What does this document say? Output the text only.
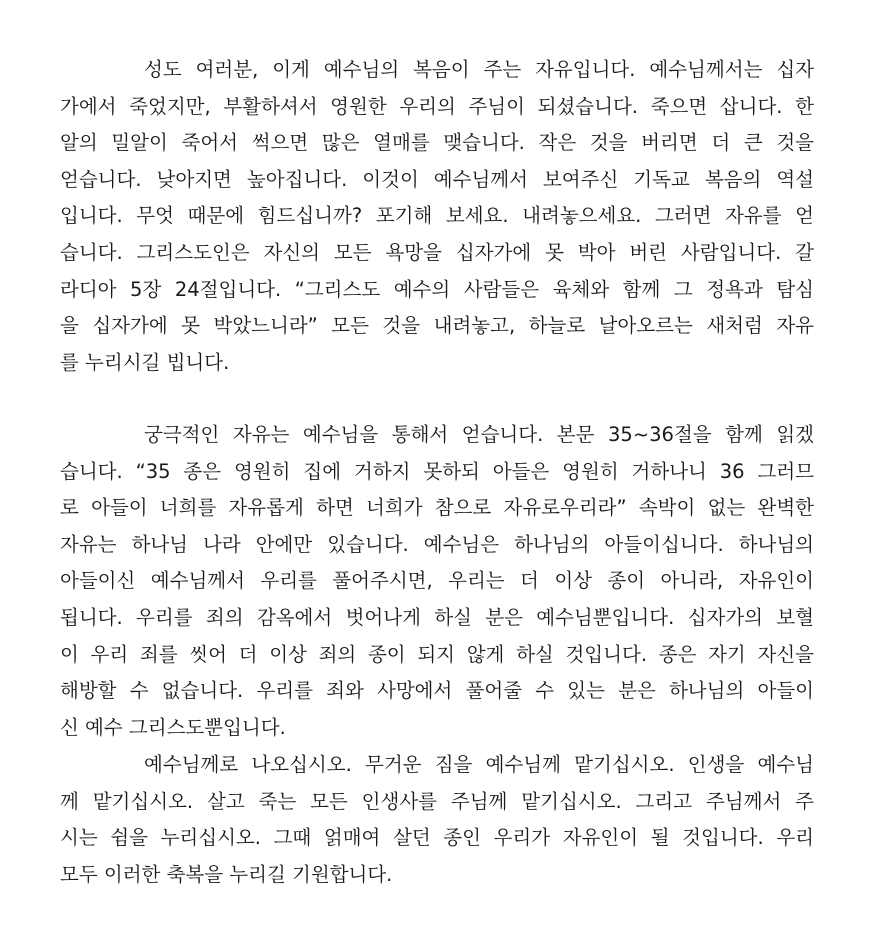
성도 여러분, 이게 예수님의 복음이 주는 자유입니다. 예수님께서는 십자
가에서 죽었지만, 부활하셔서 영원한 우리의 주님이 되셨습니다. 죽으면 삽니다. 한
알의 밀알이 죽어서 썩으면 많은 열매를 맺습니다. 작은 것을 버리면 더 큰 것을
얻습니다. 낮아지면 높아집니다. 이것이 예수님께서 보여주신 기독교 복음의 역설
입니다. 무엇 때문에 힘드십니까? 포기해 보세요. 내려놓으세요. 그러면 자유를 얻
습니다. 그리스도인은 자신의 모든 욕망을 십자가에 못 박아 버린 사람입니다. 갈
라디아 5장 24절입니다. “그리스도 예수의 사람들은 육체와 함께 그 정욕과 탐심
을 십자가에 못 박았느니라” 모든 것을 내려놓고, 하늘로 날아오르는 새처럼 자유
를 누리시길 빕니다.
궁극적인 자유는 예수님을 통해서 얻습니다. 본문 35~36절을 함께 읽겠
습니다. “35 종은 영원히 집에 거하지 못하되 아들은 영원히 거하나니 36 그러므
로 아들이 너희를 자유롭게 하면 너희가 참으로 자유로우리라” 속박이 없는 완벽한
자유는 하나님 나라 안에만 있습니다. 예수님은 하나님의 아들이십니다. 하나님의
아들이신 예수님께서 우리를 풀어주시면, 우리는 더 이상 종이 아니라, 자유인이
됩니다. 우리를 죄의 감옥에서 벗어나게 하실 분은 예수님뿐입니다. 십자가의 보혈
이 우리 죄를 씻어 더 이상 죄의 종이 되지 않게 하실 것입니다. 종은 자기 자신을
해방할 수 없습니다. 우리를 죄와 사망에서 풀어줄 수 있는 분은 하나님의 아들이
신 예수 그리스도뿐입니다.
예수님께로 나오십시오. 무거운 짐을 예수님께 맡기십시오. 인생을 예수님
께 맡기십시오. 살고 죽는 모든 인생사를 주님께 맡기십시오. 그리고 주님께서 주
시는 쉼을 누리십시오. 그때 얽매여 살던 종인 우리가 자유인이 될 것입니다. 우리
모두 이러한 축복을 누리길 기원합니다.
